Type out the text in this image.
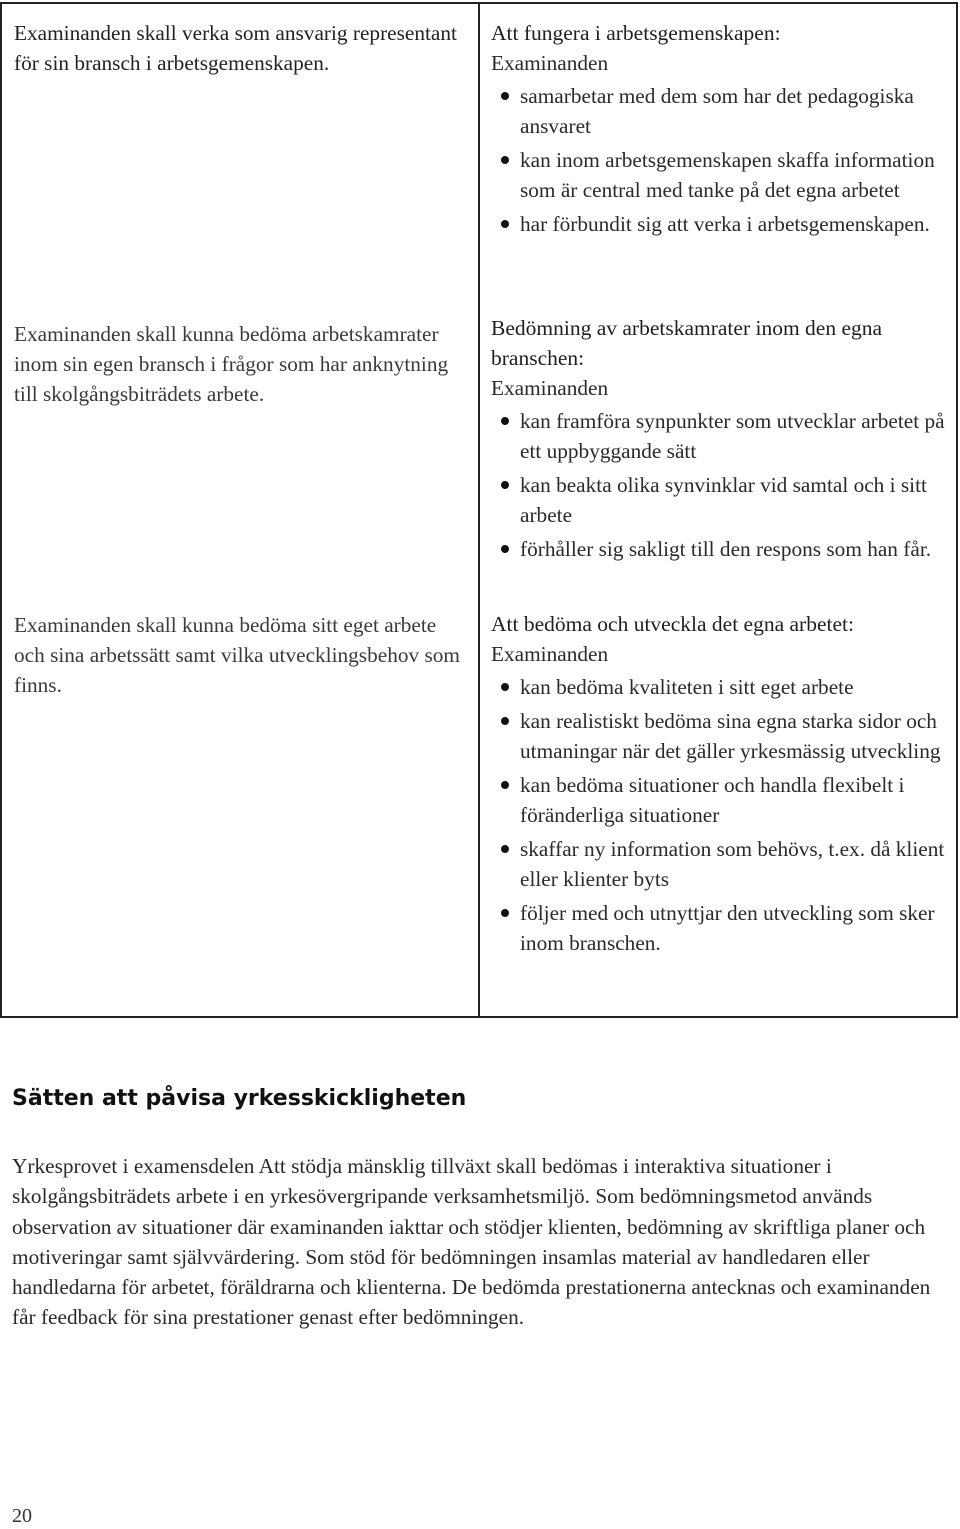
Examinanden skall verka som ansvarig representant för sin bransch i arbetsgemenskapen.

Examinanden skall kunna bedöma arbetskamrater inom sin egen bransch i frågor som har anknytning till skolgångsbiträdets arbete.

Examinanden skall kunna bedöma sitt eget arbete och sina arbetssätt samt vilka utvecklingsbehov som finns.

Att fungera i arbetsgemenskapen:

Examinanden

samarbetar med dem som har det pedagogiska ansvaret
kan inom arbetsgemenskapen skaffa information som är central med tanke på det egna arbetet
har förbundit sig att verka i arbetsgemenskapen.

Bedömning av arbetskamrater inom den egna branschen:

Examinanden

kan framföra synpunkter som utvecklar arbetet på ett uppbyggande sätt
kan beakta olika synvinklar vid samtal och i sitt arbete
förhåller sig sakligt till den respons som han får.

Att bedöma och utveckla det egna arbetet:

Examinanden

kan bedöma kvaliteten i sitt eget arbete
kan realistiskt bedöma sina egna starka sidor och utmaningar när det gäller yrkesmässig utveckling
kan bedöma situationer och handla flexibelt i föränderliga situationer
skaffar ny information som behövs, t.ex. då klient eller klienter byts
följer med och utnyttjar den utveckling som sker inom branschen.
Sätten att påvisa yrkesskickligheten

Yrkesprovet i examensdelen Att stödja mänsklig tillväxt skall bedömas i interaktiva situationer i skolgångsbiträdets arbete i en yrkesövergripande verksamhetsmiljö. Som bedömningsmetod används observation av situationer där examinanden iakttar och stödjer klienten, bedömning av skriftliga planer och motiveringar samt självvärdering. Som stöd för bedömningen insamlas material av handledaren eller handledarna för arbetet, föräldrarna och klienterna. De bedömda prestationerna antecknas och examinanden får feedback för sina prestationer genast efter bedömningen.

20
